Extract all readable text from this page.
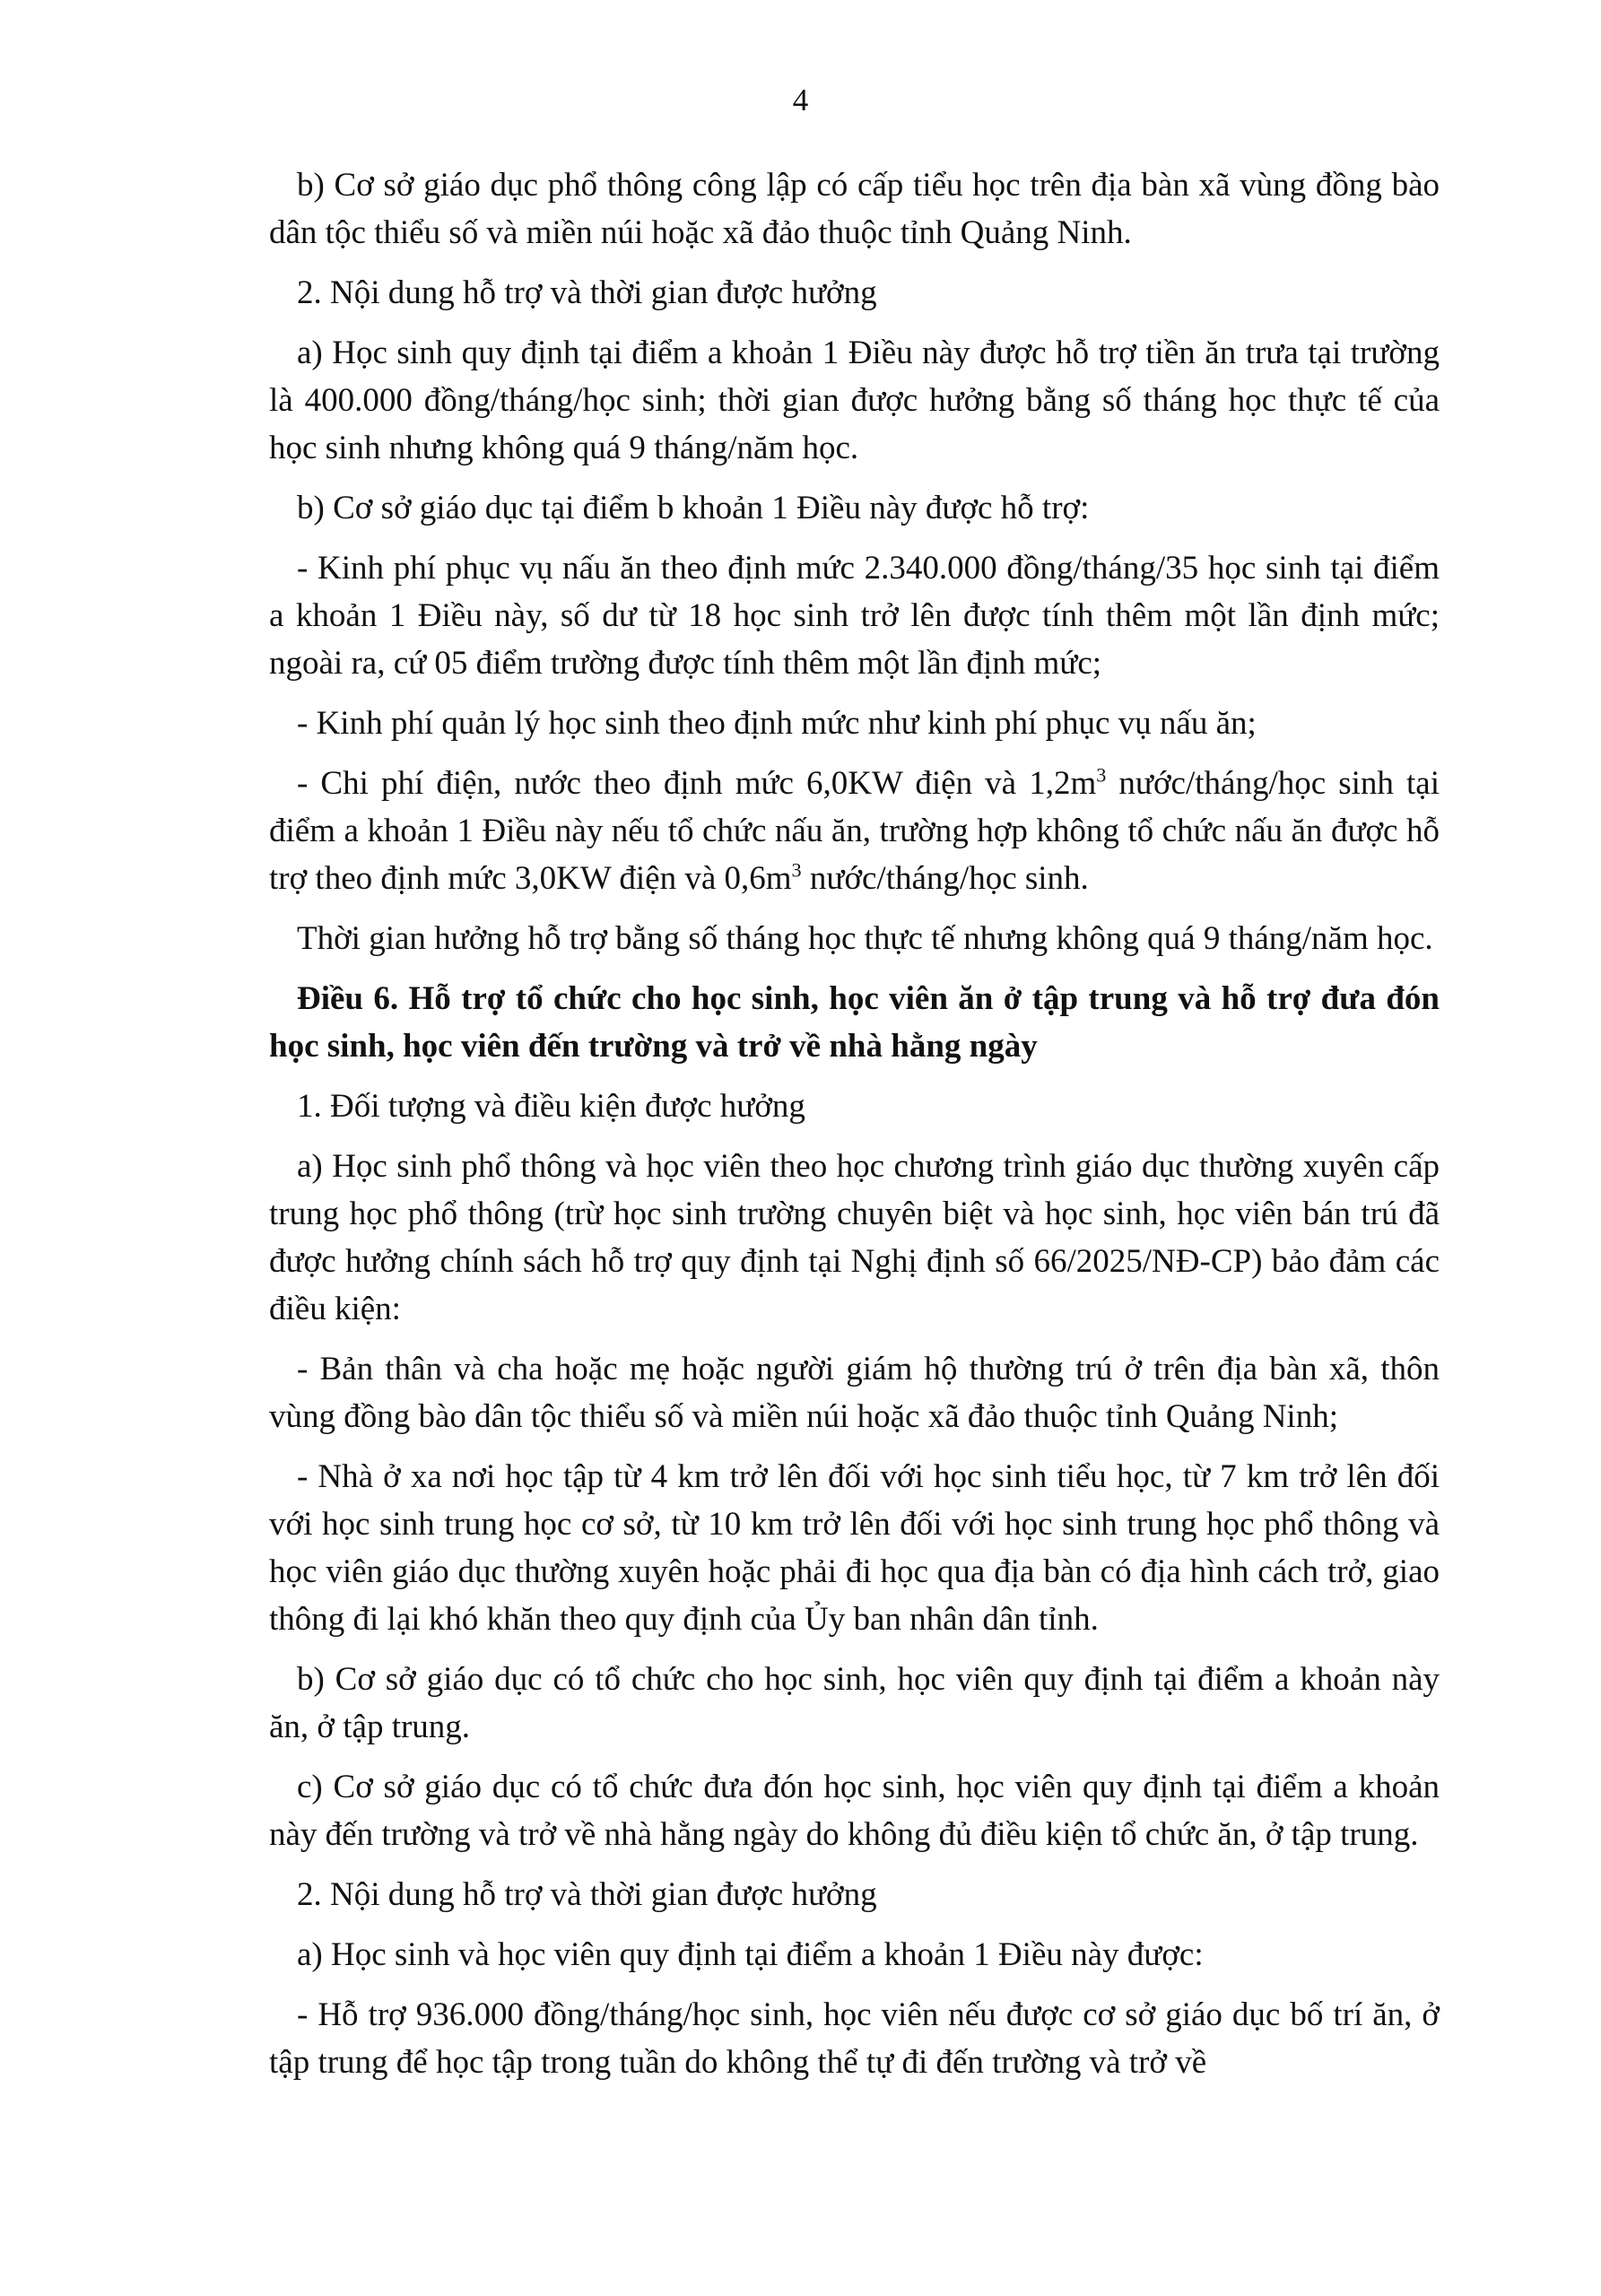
4

b) Cơ sở giáo dục phổ thông công lập có cấp tiểu học trên địa bàn xã vùng đồng bào dân tộc thiểu số và miền núi hoặc xã đảo thuộc tỉnh Quảng Ninh.

2. Nội dung hỗ trợ và thời gian được hưởng

a) Học sinh quy định tại điểm a khoản 1 Điều này được hỗ trợ tiền ăn trưa tại trường là 400.000 đồng/tháng/học sinh; thời gian được hưởng bằng số tháng học thực tế của học sinh nhưng không quá 9 tháng/năm học.

b) Cơ sở giáo dục tại điểm b khoản 1 Điều này được hỗ trợ:

- Kinh phí phục vụ nấu ăn theo định mức 2.340.000 đồng/tháng/35 học sinh tại điểm a khoản 1 Điều này, số dư từ 18 học sinh trở lên được tính thêm một lần định mức; ngoài ra, cứ 05 điểm trường được tính thêm một lần định mức;

- Kinh phí quản lý học sinh theo định mức như kinh phí phục vụ nấu ăn;

- Chi phí điện, nước theo định mức 6,0KW điện và $1,2m^3$ nước/tháng/học sinh tại điểm a khoản 1 Điều này nếu tổ chức nấu ăn, trường hợp không tổ chức nấu ăn được hỗ trợ theo định mức 3,0KW điện và $0,6m^3$ nước/tháng/học sinh.

Thời gian hưởng hỗ trợ bằng số tháng học thực tế nhưng không quá 9 tháng/năm học.

Điều 6. Hỗ trợ tổ chức cho học sinh, học viên ăn ở tập trung và hỗ trợ đưa đón học sinh, học viên đến trường và trở về nhà hằng ngày

1. Đối tượng và điều kiện được hưởng

a) Học sinh phổ thông và học viên theo học chương trình giáo dục thường xuyên cấp trung học phổ thông (trừ học sinh trường chuyên biệt và học sinh, học viên bán trú đã được hưởng chính sách hỗ trợ quy định tại Nghị định số 66/2025/NĐ-CP) bảo đảm các điều kiện:

- Bản thân và cha hoặc mẹ hoặc người giám hộ thường trú ở trên địa bàn xã, thôn vùng đồng bào dân tộc thiểu số và miền núi hoặc xã đảo thuộc tỉnh Quảng Ninh;

- Nhà ở xa nơi học tập từ 4 km trở lên đối với học sinh tiểu học, từ 7 km trở lên đối với học sinh trung học cơ sở, từ 10 km trở lên đối với học sinh trung học phổ thông và học viên giáo dục thường xuyên hoặc phải đi học qua địa bàn có địa hình cách trở, giao thông đi lại khó khăn theo quy định của Ủy ban nhân dân tỉnh.

b) Cơ sở giáo dục có tổ chức cho học sinh, học viên quy định tại điểm a khoản này ăn, ở tập trung.

c) Cơ sở giáo dục có tổ chức đưa đón học sinh, học viên quy định tại điểm a khoản này đến trường và trở về nhà hằng ngày do không đủ điều kiện tổ chức ăn, ở tập trung.

2. Nội dung hỗ trợ và thời gian được hưởng

a) Học sinh và học viên quy định tại điểm a khoản 1 Điều này được:

- Hỗ trợ 936.000 đồng/tháng/học sinh, học viên nếu được cơ sở giáo dục bố trí ăn, ở tập trung để học tập trong tuần do không thể tự đi đến trường và trở về
